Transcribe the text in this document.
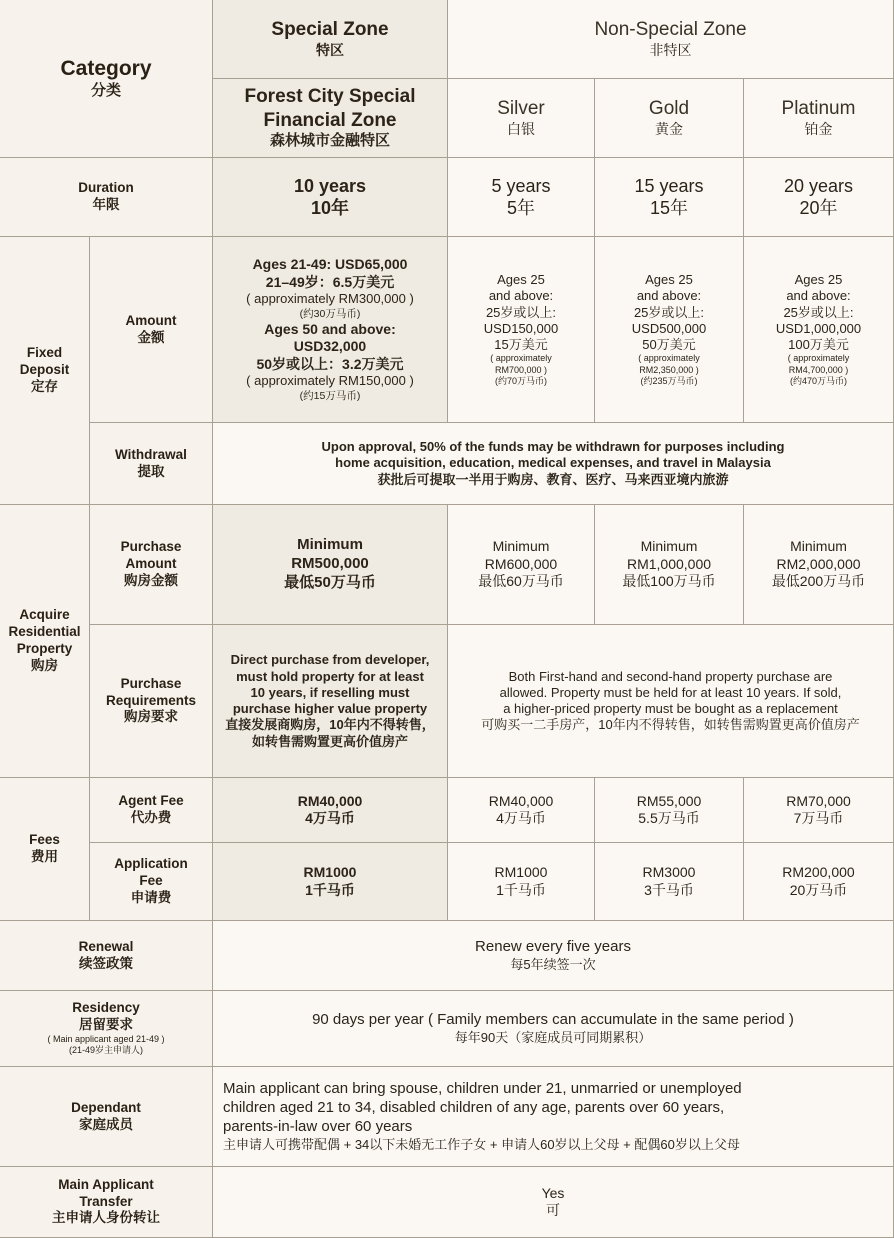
Category
分类
Special Zone
特区
Non-Special Zone
非特区
Forest City Special
Financial Zone
森林城市金融特区
Silver
白银
Gold
黄金
Platinum
铂金
Duration
年限
10 years
10年
5 years
5年
15 years
15年
20 years
20年
Fixed
Deposit
定存
Amount
金额
Ages 21-49: USD65,000
21–49岁：6.5万美元
( approximately RM300,000 )
(约30万马币)
Ages 50 and above:
USD32,000
50岁或以上：3.2万美元
( approximately RM150,000 )
(约15万马币)
Ages 25
and above:
25岁或以上:
USD150,000
15万美元
( approximately
RM700,000 )
(约70万马币)
Ages 25
and above:
25岁或以上:
USD500,000
50万美元
( approximately
RM2,350,000 )
(约235万马币)
Ages 25
and above:
25岁或以上:
USD1,000,000
100万美元
( approximately
RM4,700,000 )
(约470万马币)
Withdrawal
提取
Upon approval, 50% of the funds may be withdrawn for purposes including
home acquisition, education, medical expenses, and travel in Malaysia
获批后可提取一半用于购房、教育、医疗、马来西亚境内旅游
Acquire
Residential
Property
购房
Purchase
Amount
购房金额
Minimum
RM500,000
最低50万马币
Minimum
RM600,000
最低60万马币
Minimum
RM1,000,000
最低100万马币
Minimum
RM2,000,000
最低200万马币
Purchase
Requirements
购房要求
Direct purchase from developer,
must hold property for at least
10 years, if reselling must
purchase higher value property
直接发展商购房，10年内不得转售，
如转售需购置更高价值房产
Both First-hand and second-hand property purchase are
allowed. Property must be held for at least 10 years. If sold,
a higher-priced property must be bought as a replacement
可购买一二手房产，10年内不得转售，如转售需购置更高价值房产
Fees
费用
Agent Fee
代办费
RM40,000
4万马币
RM40,000
4万马币
RM55,000
5.5万马币
RM70,000
7万马币
Application
Fee
申请费
RM1000
1千马币
RM1000
1千马币
RM3000
3千马币
RM200,000
20万马币
Renewal
续签政策
Renew every five years
每5年续签一次
Residency
居留要求
( Main applicant aged 21-49 )
(21-49岁主申请人)
90 days per year ( Family members can accumulate in the same period )
每年90天（家庭成员可同期累积）
Dependant
家庭成员
Main applicant can bring spouse, children under 21, unmarried or unemployed
children aged 21 to 34, disabled children of any age, parents over 60 years,
parents-in-law over 60 years
主申请人可携带配偶 + 34以下未婚无工作子女 + 申请人60岁以上父母 + 配偶60岁以上父母
Main Applicant
Transfer
主申请人身份转让
Yes
可
